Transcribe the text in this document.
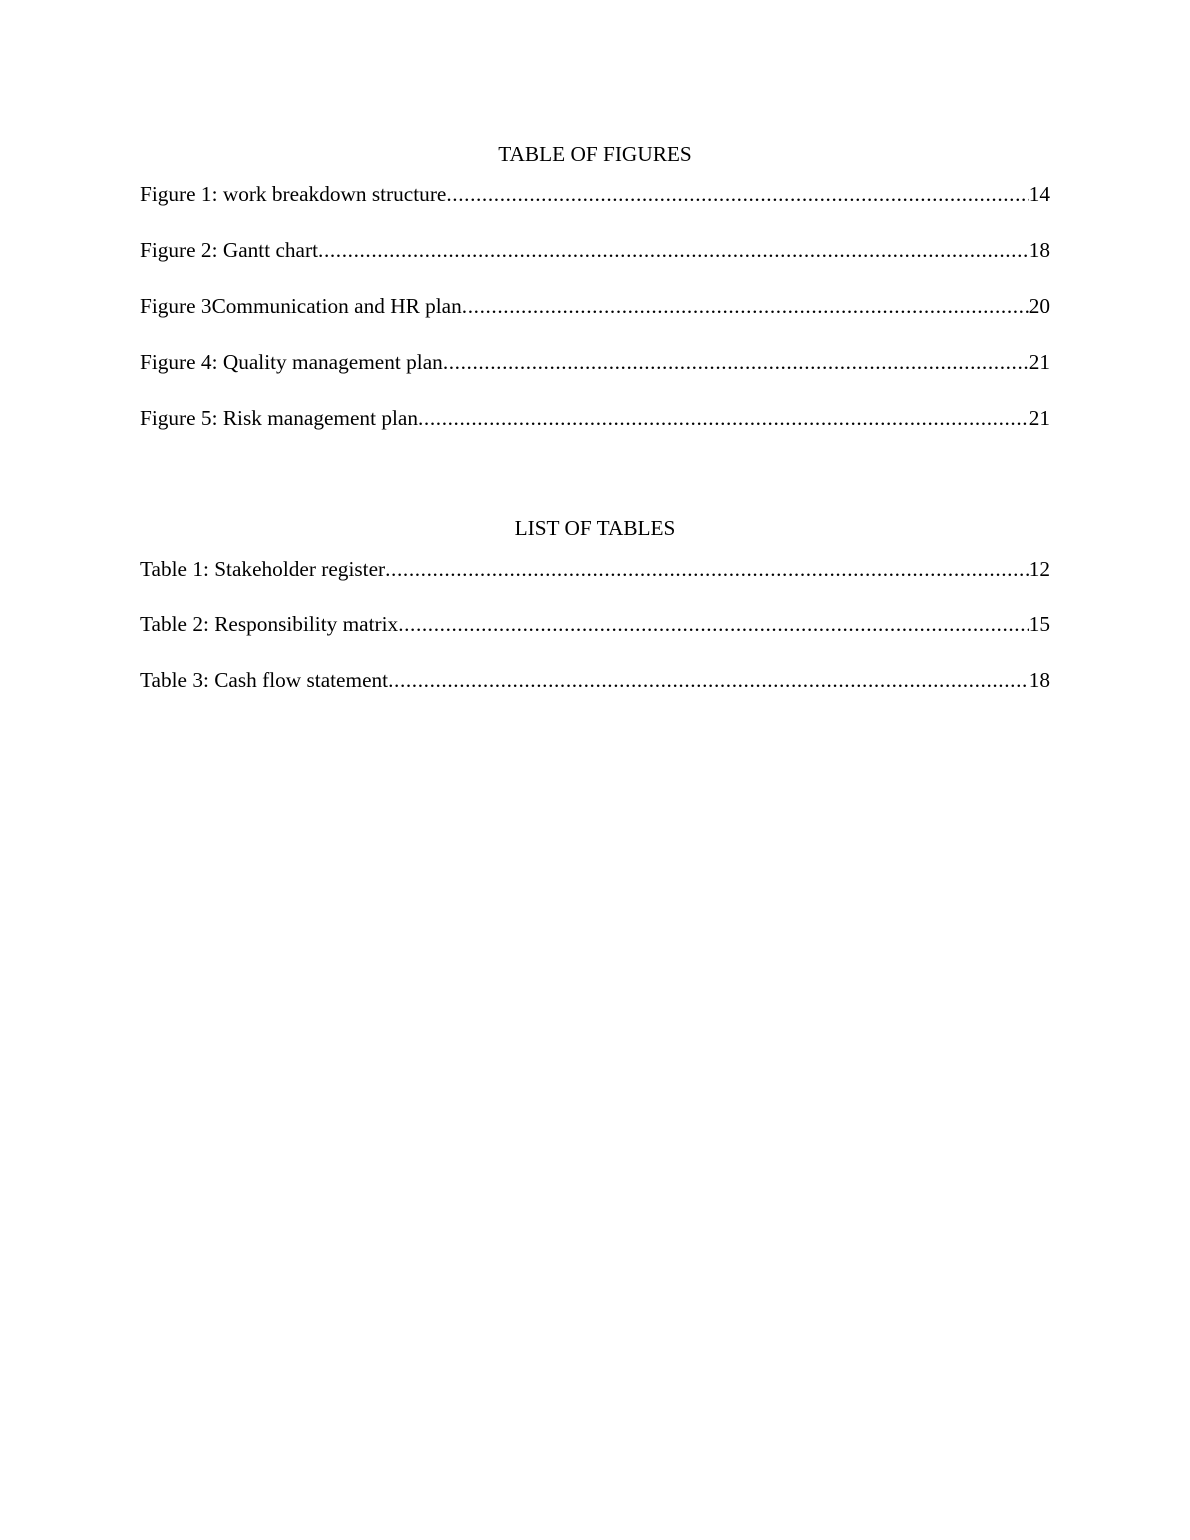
TABLE OF FIGURES
Figure 1: work breakdown structure .....	14
Figure 2: Gantt chart .....	18
Figure 3Communication and HR plan .....	20
Figure 4: Quality management plan .....	21
Figure 5: Risk management plan .....	21
LIST OF TABLES
Table 1: Stakeholder register .....	12
Table 2: Responsibility matrix .....	15
Table 3: Cash flow statement .....	18
